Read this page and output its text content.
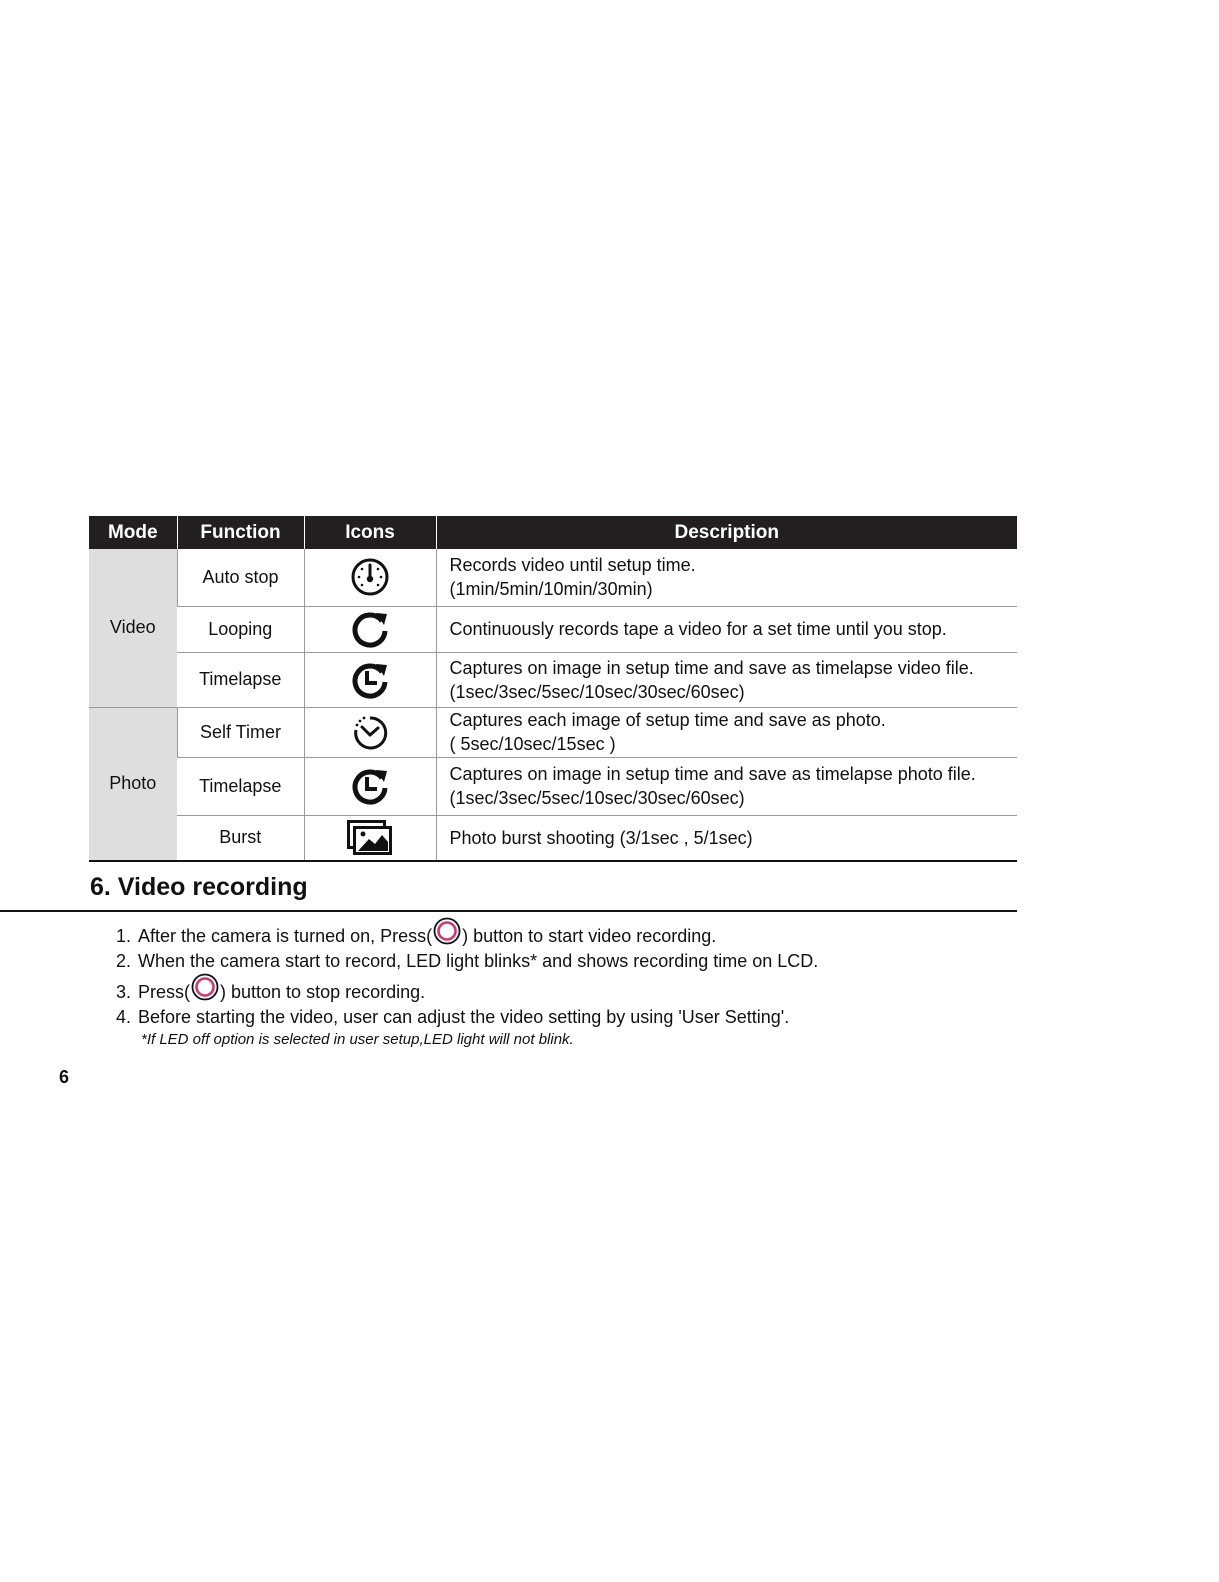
Mode	Function	Icons	Description
Video	Auto stop		Records video until setup time.
(1min/5min/10min/30min)

	Looping		Continuously records tape a video for a set time until you stop.

	Timelapse		Captures on image in setup time and save as timelapse video file.
(1sec/3sec/5sec/10sec/30sec/60sec)

Photo	Self Timer		Captures each image of setup time and save as photo.
( 5sec/10sec/15sec )

	Timelapse		Captures on image in setup time and save as timelapse photo file.
(1sec/3sec/5sec/10sec/30sec/60sec)

	Burst		Photo burst shooting (3/1sec , 5/1sec)
6. Video recording
1. After the camera is turned on, Press( ) button to start video recording.
2. When the camera start to record, LED light blinks* and shows recording time on LCD.
3. Press( ) button to stop recording.
4. Before starting the video, user can adjust the video setting by using 'User Setting'.
*If LED off option is selected in user setup,LED light will not blink.
6
